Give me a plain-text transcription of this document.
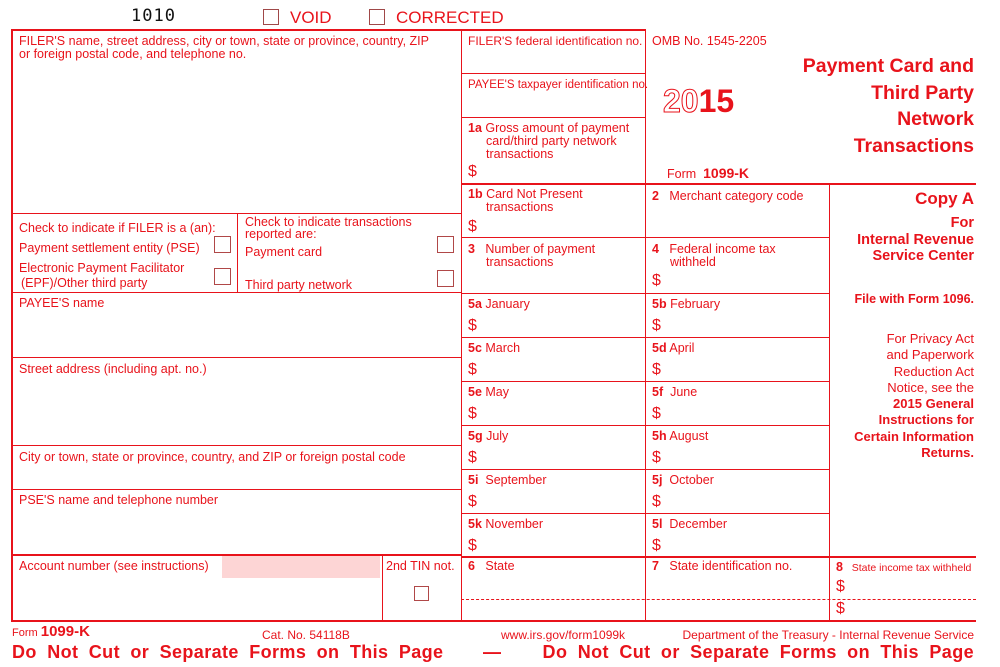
1010	VOID	CORRECTED
FILER'S name, street address, city or town, state or province, country, ZIP
or foreign postal code, and telephone no.
Check to indicate if FILER is a (an):
Payment settlement entity (PSE)
Electronic Payment Facilitator
(EPF)/Other third party
Check to indicate transactions
reported are:
Payment card
Third party network
PAYEE'S name
Street address (including apt. no.)
City or town, state or province, country, and ZIP or foreign postal code
PSE'S name and telephone number
Account number (see instructions)	2nd TIN not.
FILER'S federal identification no.
PAYEE'S taxpayer identification no.
1a Gross amount of payment
card/third party network
transactions
$
OMB No. 1545-2205
2015
Form 1099-K
Payment Card and
Third Party
Network
Transactions
1b Card Not Present
transactions
$
2 Merchant category code
3 Number of payment
transactions
4 Federal income tax
withheld
$
5a January
$
5b February
$
5c March
$
5d April
$
5e May
$
5f June
$
5g July
$
5h August
$
5i September
$
5j October
$
5k November
$
5l December
$
6 State	7 State identification no.	8 State income tax withheld
$
$
Copy A
For
Internal Revenue
Service Center
File with Form 1096.
For Privacy Act
and Paperwork
Reduction Act
Notice, see the
2015 General
Instructions for
Certain Information
Returns.
Form 1099-K	Cat. No. 54118B	www.irs.gov/form1099k	Department of the Treasury - Internal Revenue Service
Do Not Cut or Separate Forms on This Page — Do Not Cut or Separate Forms on This Page
